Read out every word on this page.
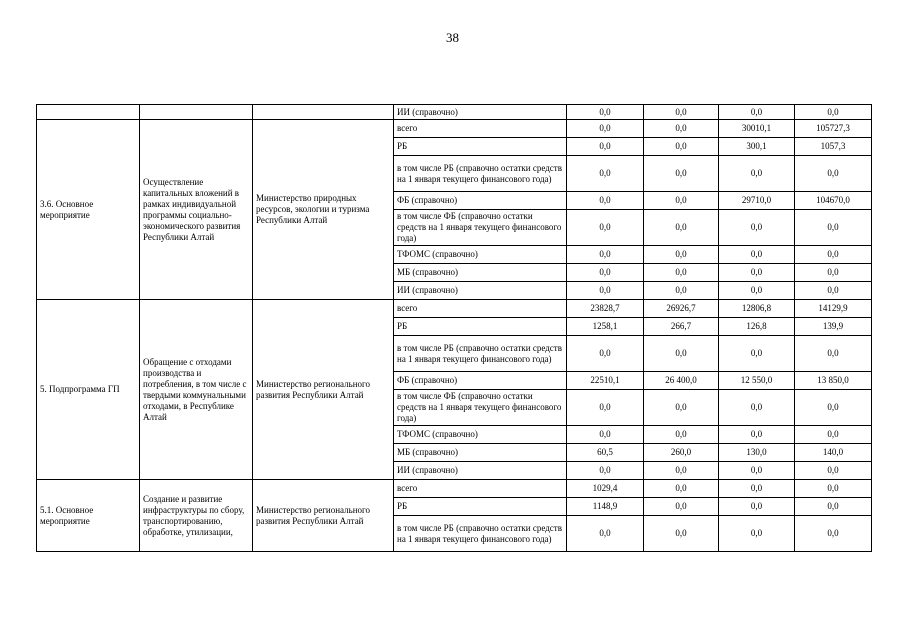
38
			ИИ (справочно)	0,0	0,0	0,0	0,0
3.6. Основное мероприятие	Осуществление капитальных вложений в рамках индивидуальной программы социально-экономического развития Республики Алтай	Министерство природных ресурсов, экологии и туризма Республики Алтай	всего	0,0	0,0	30010,1	105727,3
			РБ	0,0	0,0	300,1	1057,3
			в том числе РБ (справочно остатки средств на 1 января текущего финансового года)	0,0	0,0	0,0	0,0
			ФБ (справочно)	0,0	0,0	29710,0	104670,0
			в том числе ФБ (справочно остатки средств на 1 января текущего финансового года)	0,0	0,0	0,0	0,0
			ТФОМС (справочно)	0,0	0,0	0,0	0,0
			МБ (справочно)	0,0	0,0	0,0	0,0
			ИИ (справочно)	0,0	0,0	0,0	0,0
5. Подпрограмма ГП	Обращение с отходами производства и потребления, в том числе с твердыми коммунальными отходами, в Республике Алтай	Министерство регионального развития Республики Алтай	всего	23828,7	26926,7	12806,8	14129,9
			РБ	1258,1	266,7	126,8	139,9
			в том числе РБ (справочно остатки средств на 1 января текущего финансового года)	0,0	0,0	0,0	0,0
			ФБ (справочно)	22510,1	26 400,0	12 550,0	13 850,0
			в том числе ФБ (справочно остатки средств на 1 января текущего финансового года)	0,0	0,0	0,0	0,0
			ТФОМС (справочно)	0,0	0,0	0,0	0,0
			МБ (справочно)	60,5	260,0	130,0	140,0
			ИИ (справочно)	0,0	0,0	0,0	0,0
5.1. Основное мероприятие	Создание и развитие инфраструктуры по сбору, транспортированию, обработке, утилизации,	Министерство регионального развития Республики Алтай	всего	1029,4	0,0	0,0	0,0
			РБ	1148,9	0,0	0,0	0,0
			в том числе РБ (справочно остатки средств на 1 января текущего финансового года)	0,0	0,0	0,0	0,0
